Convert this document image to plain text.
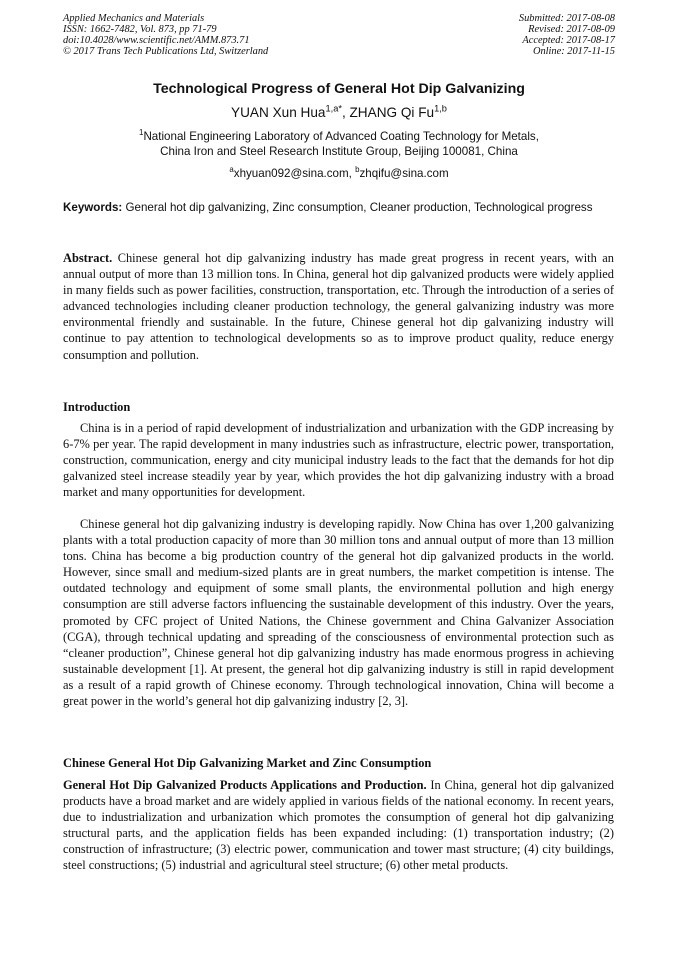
Applied Mechanics and Materials
ISSN: 1662-7482, Vol. 873, pp 71-79
doi:10.4028/www.scientific.net/AMM.873.71
© 2017 Trans Tech Publications Ltd, Switzerland
Submitted: 2017-08-08
Revised: 2017-08-09
Accepted: 2017-08-17
Online: 2017-11-15
Technological Progress of General Hot Dip Galvanizing
YUAN Xun Hua$^{1,a*}$, ZHANG Qi Fu$^{1,b}$
$^1$National Engineering Laboratory of Advanced Coating Technology for Metals,
China Iron and Steel Research Institute Group, Beijing 100081, China
$^a$xhyuan092@sina.com, $^b$zhqifu@sina.com
Keywords: General hot dip galvanizing, Zinc consumption, Cleaner production, Technological progress

Abstract. Chinese general hot dip galvanizing industry has made great progress in recent years, with an annual output of more than 13 million tons. In China, general hot dip galvanized products were widely applied in many fields such as power facilities, construction, transportation, etc. Through the introduction of a series of advanced technologies including cleaner production technology, the general galvanizing industry was more environmental friendly and sustainable. In the future, Chinese general hot dip galvanizing industry will continue to pay attention to technological developments so as to improve product quality, reduce energy consumption and pollution.

Introduction

China is in a period of rapid development of industrialization and urbanization with the GDP increasing by 6-7% per year. The rapid development in many industries such as infrastructure, electric power, transportation, construction, communication, energy and city municipal industry leads to the fact that the demands for hot dip galvanized steel increase steadily year by year, which provides the hot dip galvanizing industry with a broad market and many opportunities for development.

Chinese general hot dip galvanizing industry is developing rapidly. Now China has over 1,200 galvanizing plants with a total production capacity of more than 30 million tons and annual output of more than 13 million tons. China has become a big production country of the general hot dip galvanized products in the world. However, since small and medium-sized plants are in great numbers, the market competition is intense. The outdated technology and equipment of some small plants, the environmental pollution and high energy consumption are still adverse factors influencing the sustainable development of this industry. Over the years, promoted by CFC project of United Nations, the Chinese government and China Galvanizer Association (CGA), through technical updating and spreading of the consciousness of environmental protection such as “cleaner production”, Chinese general hot dip galvanizing industry has made enormous progress in achieving sustainable development [1]. At present, the general hot dip galvanizing industry is still in rapid development as a result of a rapid growth of Chinese economy. Through technological innovation, China will become a great power in the world’s general hot dip galvanizing industry [2, 3].

Chinese General Hot Dip Galvanizing Market and Zinc Consumption

General Hot Dip Galvanized Products Applications and Production. In China, general hot dip galvanized products have a broad market and are widely applied in various fields of the national economy. In recent years, due to industrialization and urbanization which promotes the consumption of general hot dip galvanizing structural parts, and the application fields has been expanded including: (1) transportation industry; (2) construction of infrastructure; (3) electric power, communication and tower mast structure; (4) city buildings, steel constructions; (5) industrial and agricultural steel structure; (6) other metal products.
